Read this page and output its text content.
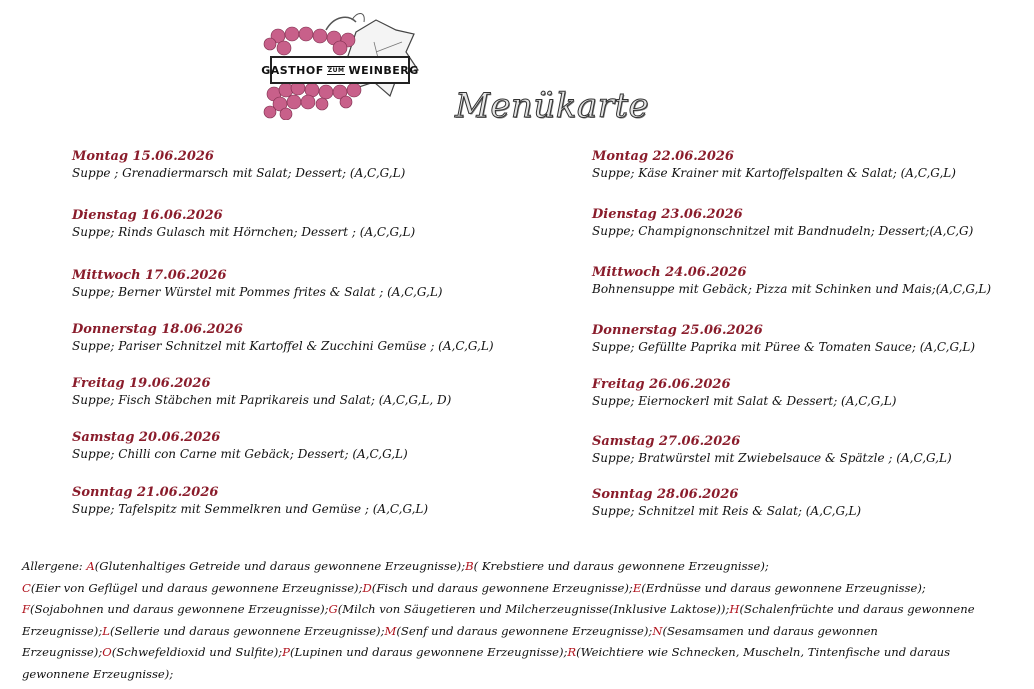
GASTHOF ZUM WEINBERG
Menükarte
Montag 15.06.2026
Suppe ; Grenadiermarsch mit Salat; Dessert; (A,C,G,L)
Dienstag 16.06.2026
Suppe; Rinds Gulasch mit Hörnchen; Dessert ; (A,C,G,L)
Mittwoch 17.06.2026
Suppe; Berner Würstel mit Pommes frites & Salat ; (A,C,G,L)
Donnerstag 18.06.2026
Suppe; Pariser Schnitzel mit Kartoffel & Zucchini Gemüse ; (A,C,G,L)
Freitag 19.06.2026
Suppe; Fisch Stäbchen mit Paprikareis und Salat; (A,C,G,L, D)
Samstag 20.06.2026
Suppe; Chilli con Carne mit Gebäck; Dessert; (A,C,G,L)
Sonntag 21.06.2026
Suppe; Tafelspitz mit Semmelkren und Gemüse ; (A,C,G,L)
Montag 22.06.2026
Suppe; Käse Krainer mit Kartoffelspalten & Salat; (A,C,G,L)
Dienstag 23.06.2026
Suppe; Champignonschnitzel mit Bandnudeln; Dessert;(A,C,G)
Mittwoch 24.06.2026
Bohnensuppe mit Gebäck; Pizza mit Schinken und Mais;(A,C,G,L)
Donnerstag 25.06.2026
Suppe; Gefüllte Paprika mit Püree & Tomaten Sauce; (A,C,G,L)
Freitag 26.06.2026
Suppe; Eiernockerl mit Salat & Dessert; (A,C,G,L)
Samstag 27.06.2026
Suppe; Bratwürstel mit Zwiebelsauce & Spätzle ; (A,C,G,L)
Sonntag 28.06.2026
Suppe; Schnitzel mit Reis & Salat; (A,C,G,L)
Allergene: A(Glutenhaltiges Getreide und daraus gewonnene Erzeugnisse);B( Krebstiere und daraus gewonnene Erzeugnisse);
C(Eier von Geflügel und daraus gewonnene Erzeugnisse);D(Fisch und daraus gewonnene Erzeugnisse);E(Erdnüsse und daraus gewonnene Erzeugnisse);
F(Sojabohnen und daraus gewonnene Erzeugnisse);G(Milch von Säugetieren und Milcherzeugnisse(Inklusive Laktose));H(Schalenfrüchte und daraus gewonnene Erzeugnisse);L(Sellerie und daraus gewonnene Erzeugnisse);M(Senf und daraus gewonnene Erzeugnisse);N(Sesamsamen und daraus gewonnen Erzeugnisse);O(Schwefeldioxid und Sulfite);P(Lupinen und daraus gewonnene Erzeugnisse);R(Weichtiere wie Schnecken, Muscheln, Tintenfische und daraus gewonnene Erzeugnisse);
